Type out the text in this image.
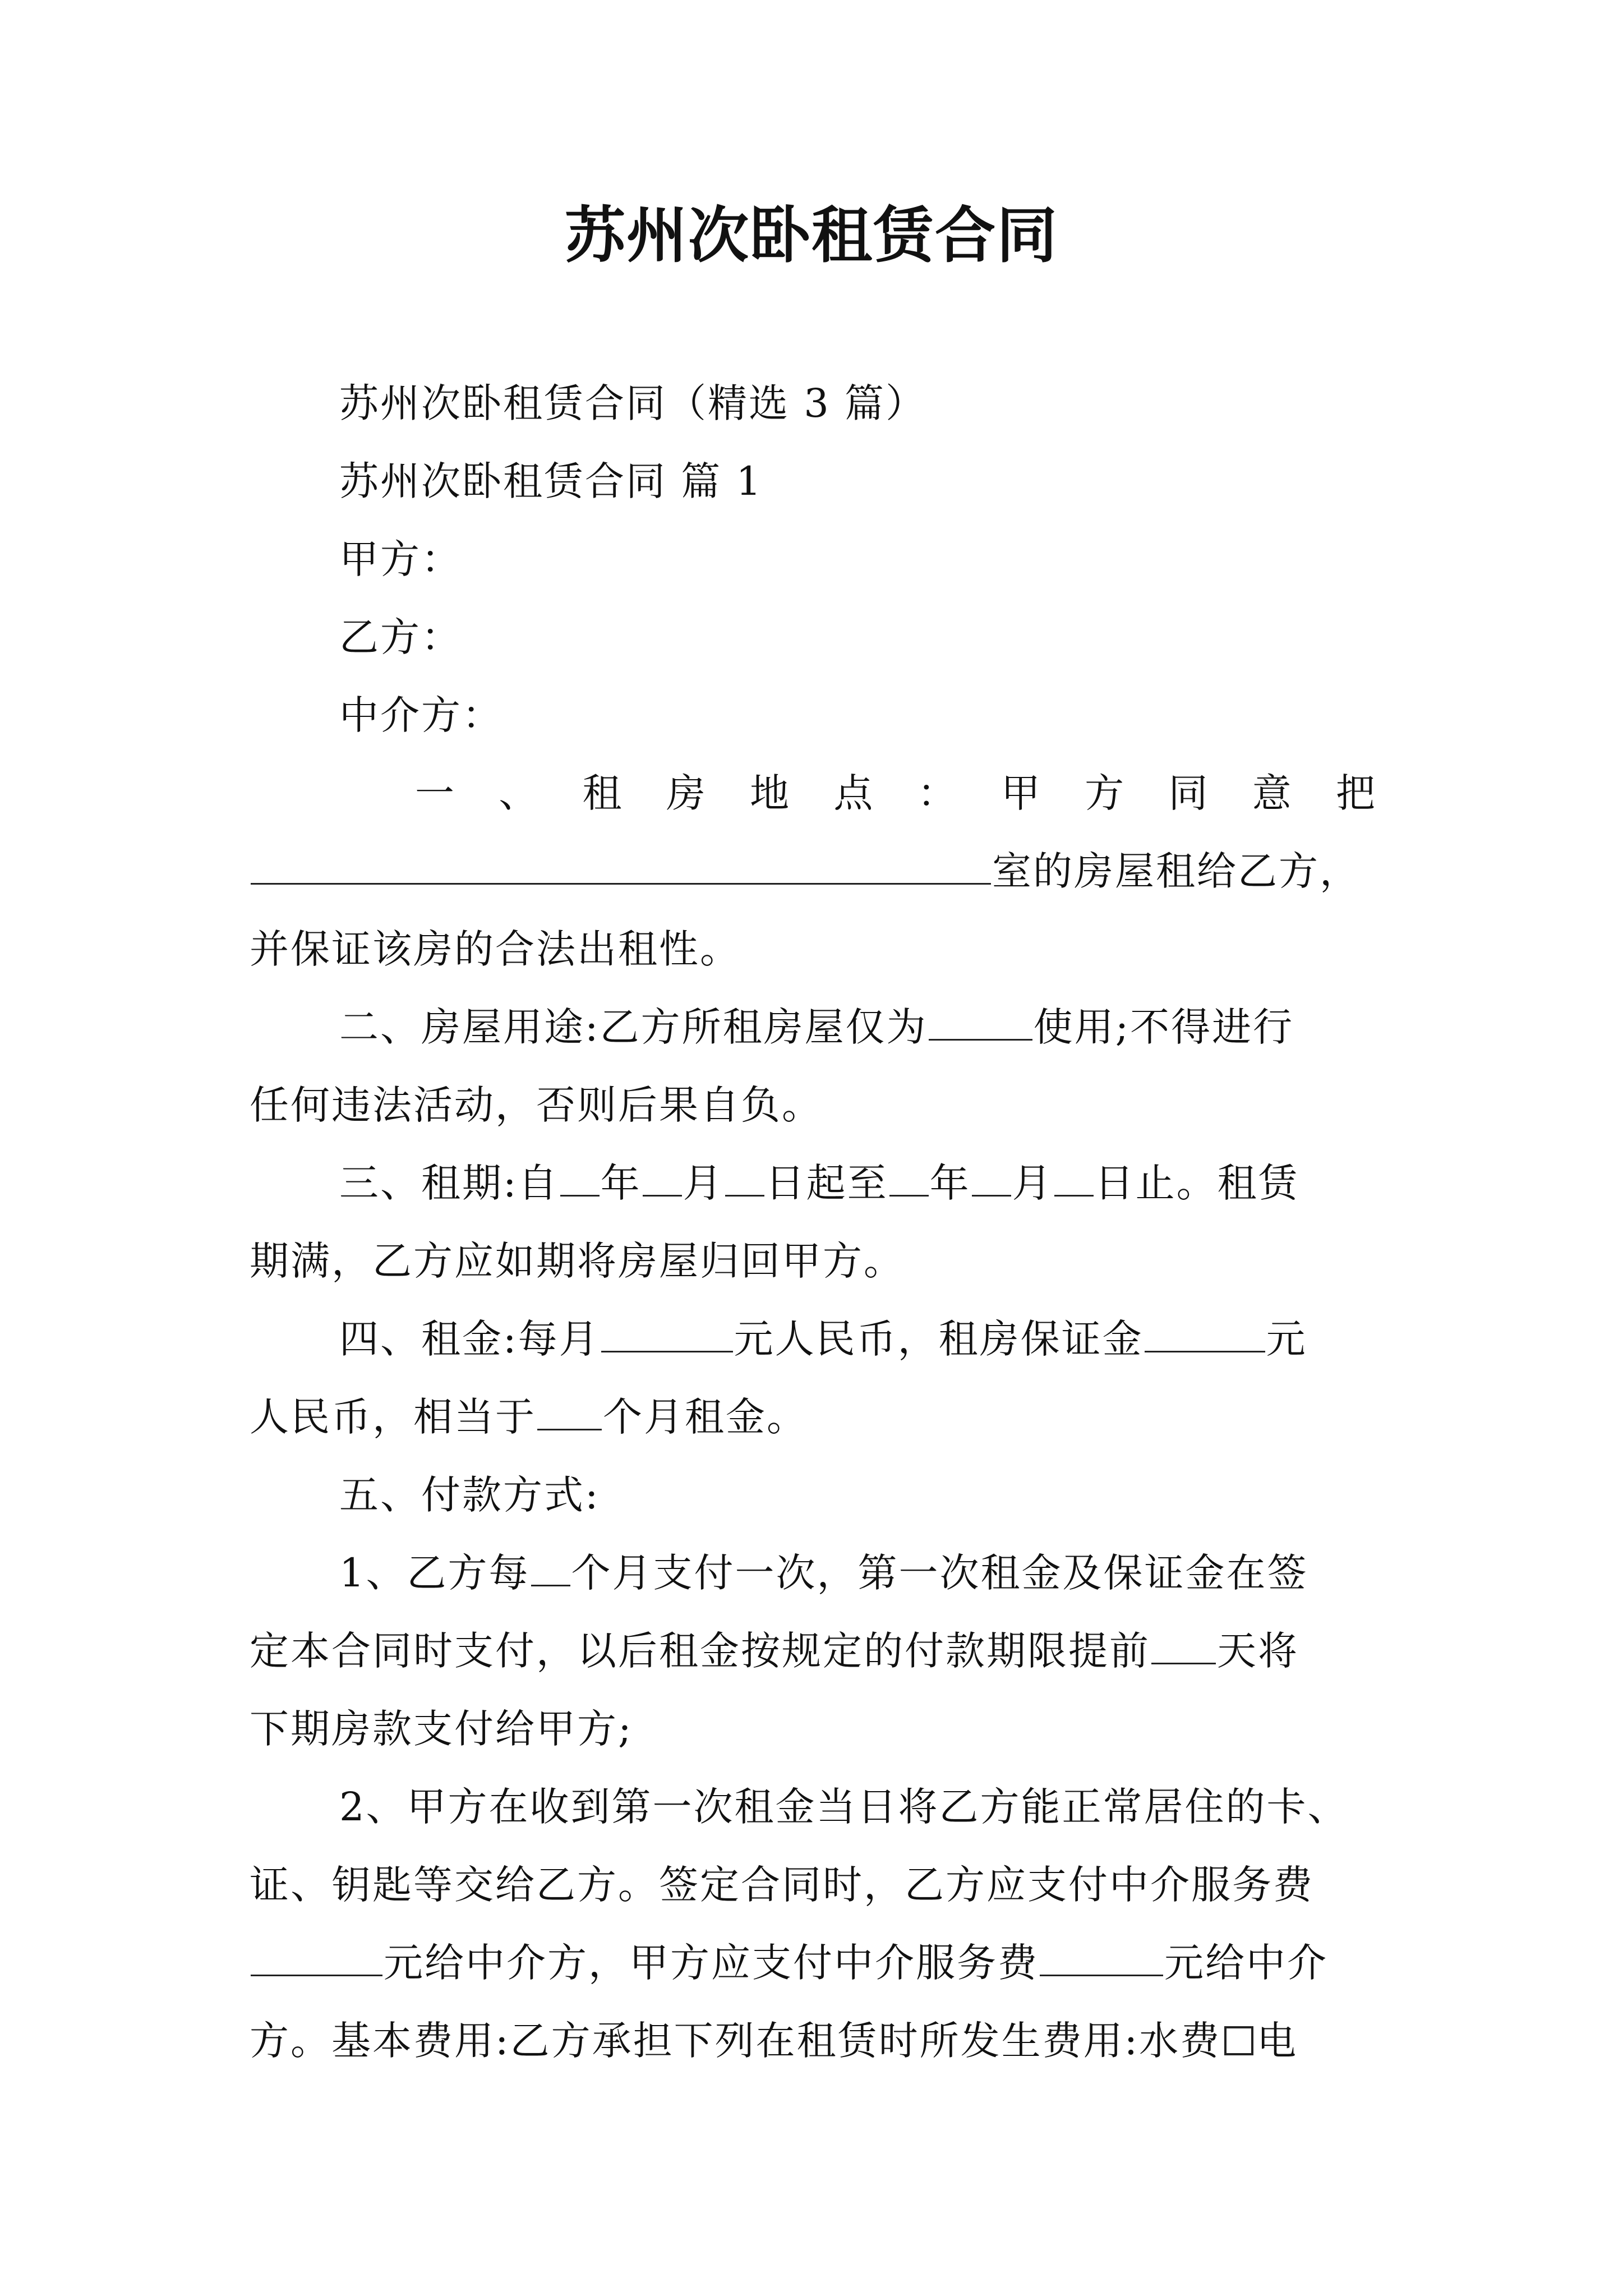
苏州次卧租赁合同
苏州次卧租赁合同（精选 3 篇）
苏州次卧租赁合同 篇 1
甲方：
乙方：
中介方：
一 、 租 房 地 点 ： 甲 方 同 意 把
室的房屋租给乙方，
并保证该房的合法出租性。
二、房屋用途:乙方所租房屋仅为	使用;不得进行
任何违法活动，否则后果自负。
三、租期:自 年 月 日起至 年 月 日止。租赁
期满，乙方应如期将房屋归回甲方。
四、租金:每月	元人民币，租房保证金	元
人民币，相当于 个月租金。
五、付款方式:
1、乙方每 个月支付一次，第一次租金及保证金在签
定本合同时支付，以后租金按规定的付款期限提前 天将
下期房款支付给甲方;
2、甲方在收到第一次租金当日将乙方能正常居住的卡、
证、钥匙等交给乙方。签定合同时，乙方应支付中介服务费
元给中介方，甲方应支付中介服务费	元给中介
方。基本费用:乙方承担下列在租赁时所发生费用:水费 电
